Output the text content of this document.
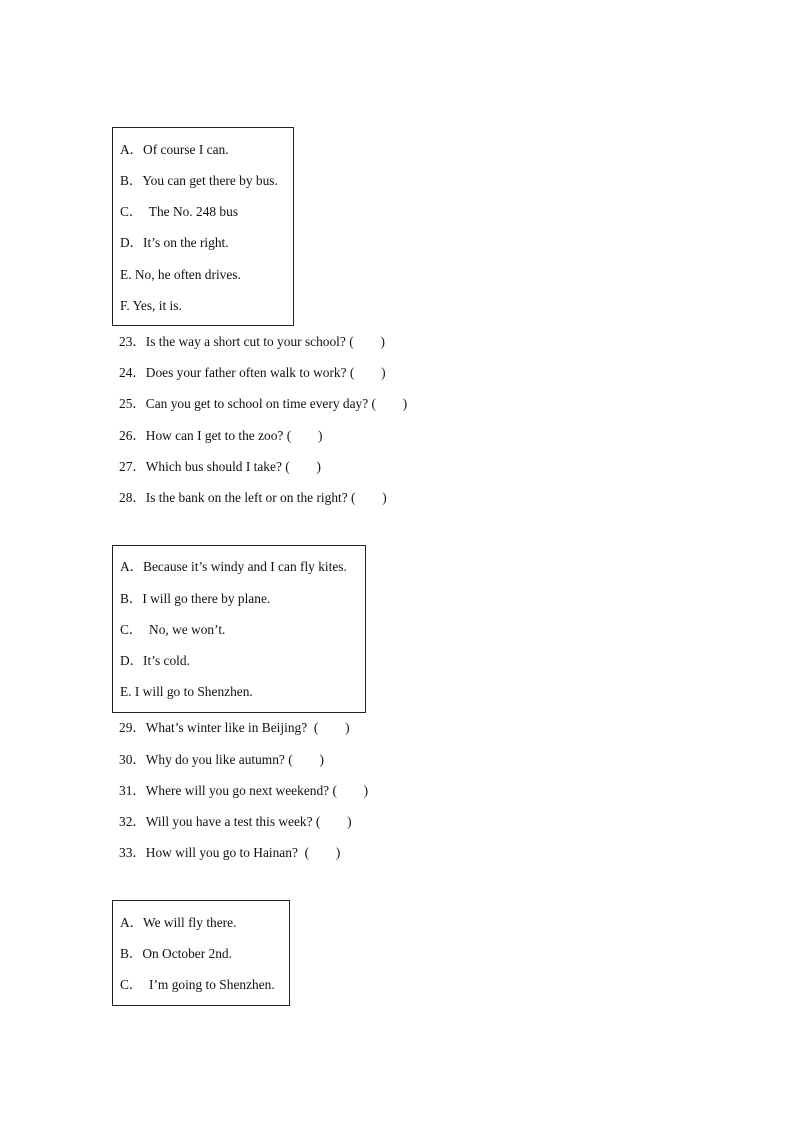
A．Of course I can.
B．You can get there by bus.
C．  The No. 248 bus
D．It’s on the right.
E. No, he often drives.
F. Yes, it is.
23．Is the way a short cut to your school? (        )
24．Does your father often walk to work? (        )
25．Can you get to school on time every day? (        )
26．How can I get to the zoo? (        )
27．Which bus should I take? (        )
28．Is the bank on the left or on the right? (        )
A．Because it’s windy and I can fly kites.
B．I will go there by plane.
C．  No, we won’t.
D．It’s cold.
E. I will go to Shenzhen.
29．What’s winter like in Beijing?  (        )
30．Why do you like autumn? (        )
31．Where will you go next weekend? (        )
32．Will you have a test this week? (        )
33．How will you go to Hainan?  (        )
A．We will fly there.
B．On October 2nd.
C．  I’m going to Shenzhen.
